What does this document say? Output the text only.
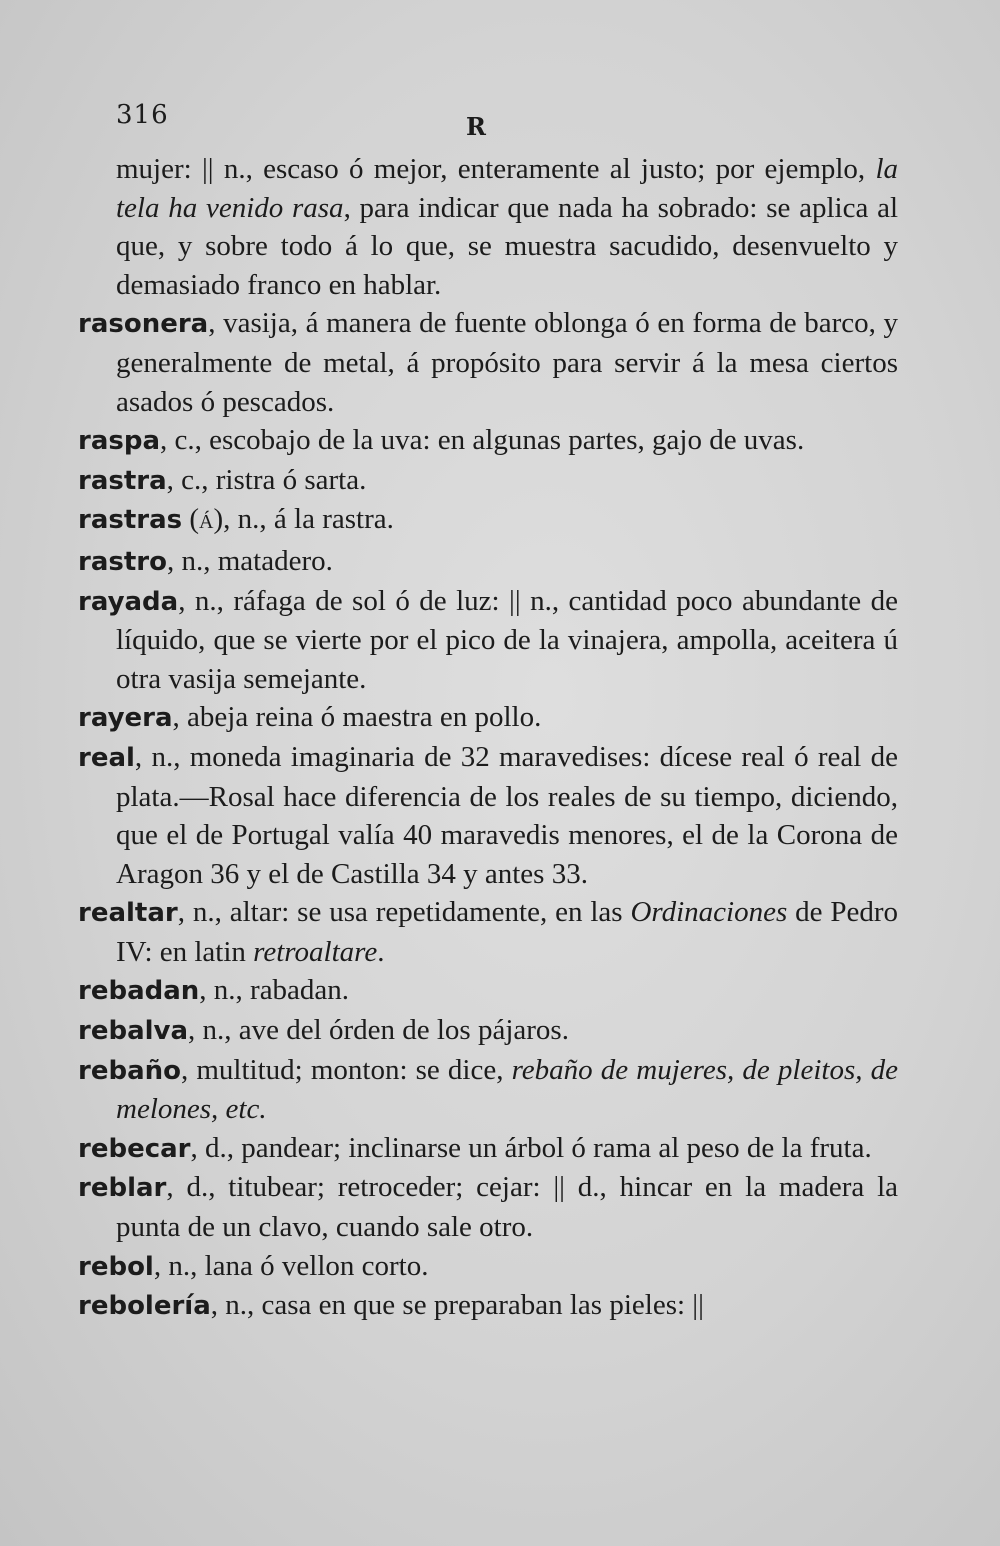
316	R

mujer: || n., escaso ó mejor, enteramente al justo; por ejemplo, la tela ha venido rasa, para indicar que nada ha sobrado: se aplica al que, y sobre todo á lo que, se muestra sacudido, desenvuelto y demasiado franco en hablar.

rasonera, vasija, á manera de fuente oblonga ó en forma de barco, y generalmente de metal, á propósito para servir á la mesa ciertos asados ó pescados.

raspa, c., escobajo de la uva: en algunas partes, gajo de uvas.

rastra, c., ristra ó sarta.

rastras (Á), n., á la rastra.

rastro, n., matadero.

rayada, n., ráfaga de sol ó de luz: || n., cantidad poco abundante de líquido, que se vierte por el pico de la vinajera, ampolla, aceitera ú otra vasija semejante.

rayera, abeja reina ó maestra en pollo.

real, n., moneda imaginaria de 32 maravedises: dícese real ó real de plata.—Rosal hace diferencia de los reales de su tiempo, diciendo, que el de Portugal valía 40 maravedis menores, el de la Corona de Aragon 36 y el de Castilla 34 y antes 33.

realtar, n., altar: se usa repetidamente, en las Ordinaciones de Pedro IV: en latin retroaltare.

rebadan, n., rabadan.

rebalva, n., ave del órden de los pájaros.

rebaño, multitud; monton: se dice, rebaño de mujeres, de pleitos, de melones, etc.

rebecar, d., pandear; inclinarse un árbol ó rama al peso de la fruta.

reblar, d., titubear; retroceder; cejar: || d., hincar en la madera la punta de un clavo, cuando sale otro.

rebol, n., lana ó vellon corto.

rebolería, n., casa en que se preparaban las pieles: ||
